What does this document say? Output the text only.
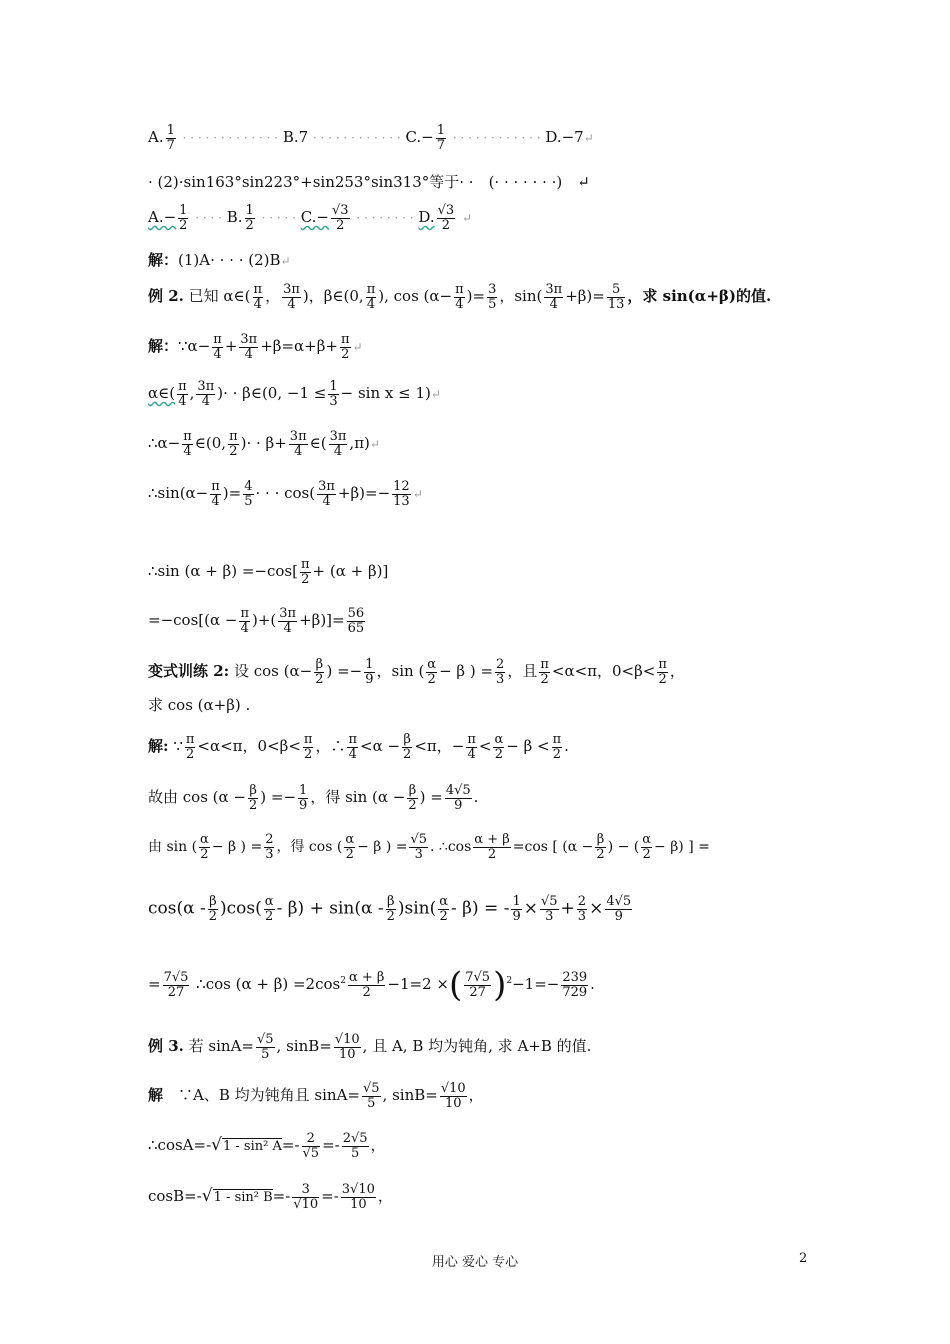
A. $\frac{1}{7}$ · · · · · · · · · · · · · B.7 · · · · · · · · · · · · $C.- \frac{1}{7}$ · · · · · · · · · · · · D.−7↵
· (2)·sin163°sin223°+sin253°sin313°等于· ·　(· · · · · · ·)　↵
$A.- \frac{1}{2}$ · · · · B. $\frac{1}{2}$ · · · · · $C.- \frac{√3}{2}$ · · · · · · · · D. $\frac{√3}{2}$ ↵
解：(1)A· · · · (2)B↵
例 2. 已知 α∈( $\frac{\pi}{4}$ ， $\frac{3\pi}{4}$ )，β∈(0, $\frac{\pi}{4}$ ), $\cos (\alpha- \frac{\pi}{4}$ )= $\frac{3}{5}$ ，$\sin( \frac{3\pi}{4} +\beta)= \frac{5}{13}$ ，求 sin(α+β)的值.
解：∵α− $\frac{\pi}{4} + \frac{3\pi}{4} +\beta=\alpha+\beta+ \frac{\pi}{2}$ ↵
α∈( $\frac{\pi}{4}$ , $\frac{3\pi}{4}$ )· · β∈(0, $-1 \le \frac{1}{3} - \sin x$ ≤ 1)↵
∴α− $\frac{\pi}{4}$ ∈(0, $\frac{\pi}{2}$ )· · $\beta+ \frac{3\pi}{4}$ ∈( $\frac{3\pi}{4}$ ,π)↵
∴sin(α− $\frac{\pi}{4}$ )= $\frac{4}{5}$ · · · $\cos( \frac{3\pi}{4} +\beta)=- \frac{12}{13}$ ↵
∴sin $(\alpha + \beta) =-\cos[ \frac{\pi}{2} + (\alpha + \beta)]$
$=-\cos[(\alpha - \frac{\pi}{4}$ )+( $\frac{3\pi}{4} +\beta)]= \frac{56}{65}$
变式训练 2: 设 $\cos (\alpha- \frac{\beta}{2}$ ) =− $\frac{1}{9}$ ，sin ( $\frac{\alpha}{2} - \beta$ ) = $\frac{2}{3}$ ，且 $\frac{\pi}{2} <\alpha<\pi$，$0<\beta< \frac{\pi}{2}$ ，
求 cos (α+β) .
解: ∵ $\frac{\pi}{2} <\alpha<\pi$，$0<\beta< \frac{\pi}{2}$ ，∴ $\frac{\pi}{4} <\alpha - \frac{\beta}{2} <\pi$，− $\frac{\pi}{4} < \frac{\alpha}{2} - \beta < \frac{\pi}{2}$ .
故由 $\cos (\alpha - \frac{\beta}{2}$ ) =− $\frac{1}{9}$ ，得 $\sin (\alpha - \frac{\beta}{2}$ ) = $\frac{4√5}{9}$ .
由 sin ( $\frac{\alpha}{2} - \beta$ ) = $\frac{2}{3}$ ，得 cos ( $\frac{\alpha}{2} - \beta$ ) = $\frac{√5}{3}$ . ∴cos $\frac{\alpha + \beta}{2} =\cos$ [ ($\alpha - \frac{\beta}{2}$ ) − ( $\frac{\alpha}{2} - \beta$) ] =
$\cos(\alpha - \frac{\beta}{2} )\cos( \frac{\alpha}{2} - \beta) + \sin(\alpha - \frac{\beta}{2} )\sin( \frac{\alpha}{2} - \beta)$ = - $\frac{1}{9} \times \frac{√5}{3} + \frac{2}{3} \times \frac{4√5}{9}$
= $\frac{7√5}{27}$ ∴cos $(\alpha + \beta) =2\cos^2 \frac{\alpha + \beta}{2} -1=2$ ×( $\frac{7√5}{27} )^2-1=- \frac{239}{729}$ .
例 3. 若 $\sin A= \frac{√5}{5}$ , $\sin B= \frac{√10}{10}$ , 且 A, B 均为钝角, 求 A+B 的值.
解　∵A、B 均为钝角且 $\sin A= \frac{√5}{5}$ , $\sin B= \frac{√10}{10}$ ，
∴cosA=-√1 - sin² $A=- \frac{2}{√5} =- \frac{2√5}{5}$ ，
cosB=-√1 - sin² $B=- \frac{3}{√10} =- \frac{3√10}{10}$ ，
用心 爱心 专心	2
